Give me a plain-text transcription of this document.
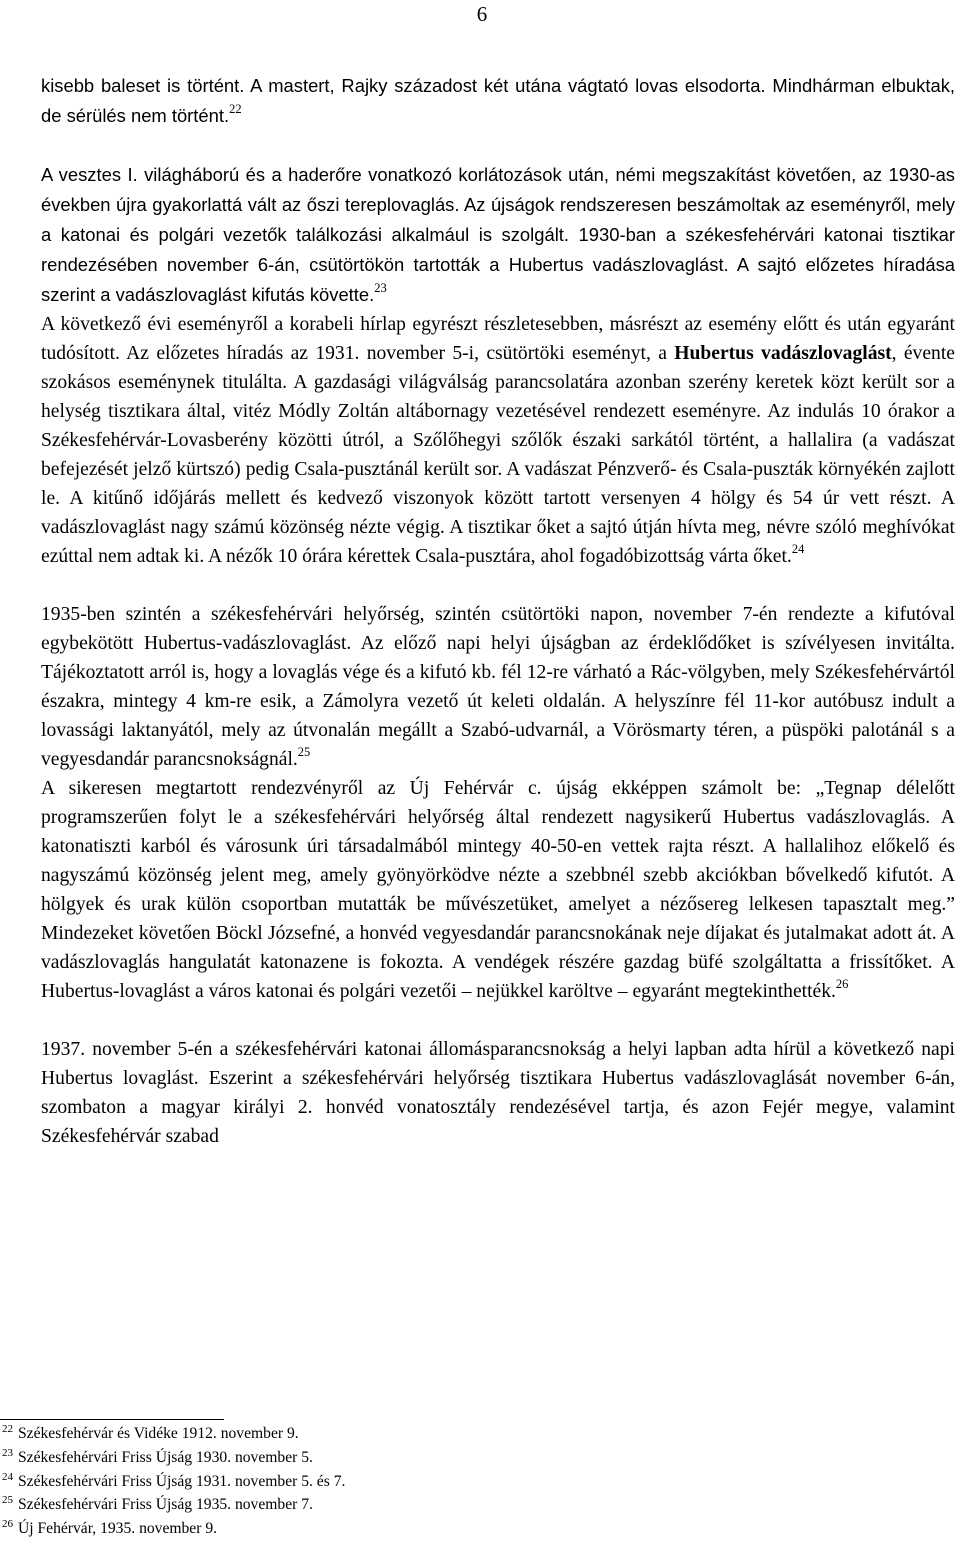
6

kisebb baleset is történt. A mastert, Rajky századost két utána vágtató lovas elsodorta. Mindhárman elbuktak, de sérülés nem történt.$^{22}$

A vesztes I. világháború és a haderőre vonatkozó korlátozások után, némi megszakítást követően, az 1930-as években újra gyakorlattá vált az őszi tereplovaglás. Az újságok rendszeresen beszámoltak az eseményről, mely a katonai és polgári vezetők találkozási alkalmául is szolgált. 1930-ban a székesfehérvári katonai tisztikar rendezésében november 6-án, csütörtökön tartották a Hubertus vadászlovaglást. A sajtó előzetes híradása szerint a vadászlovaglást kifutás követte.$^{23}$

A következő évi eseményről a korabeli hírlap egyrészt részletesebben, másrészt az esemény előtt és után egyaránt tudósított. Az előzetes híradás az 1931. november 5-i, csütörtöki eseményt, a Hubertus vadászlovaglást, évente szokásos eseménynek titulálta. A gazdasági világválság parancsolatára azonban szerény keretek közt került sor a helység tisztikara által, vitéz Módly Zoltán altábornagy vezetésével rendezett eseményre. Az indulás 10 órakor a Székesfehérvár-Lovasberény közötti útról, a Szőlőhegyi szőlők északi sarkától történt, a hallalira (a vadászat befejezését jelző kürtszó) pedig Csala-pusztánál került sor. A vadászat Pénzverő- és Csala-puszták környékén zajlott le. A kitűnő időjárás mellett és kedvező viszonyok között tartott versenyen 4 hölgy és 54 úr vett részt. A vadászlovaglást nagy számú közönség nézte végig. A tisztikar őket a sajtó útján hívta meg, névre szóló meghívókat ezúttal nem adtak ki. A nézők 10 órára kérettek Csala-pusztára, ahol fogadóbizottság várta őket.$^{24}$

1935-ben szintén a székesfehérvári helyőrség, szintén csütörtöki napon, november 7-én rendezte a kifutóval egybekötött Hubertus-vadászlovaglást. Az előző napi helyi újságban az érdeklődőket is szívélyesen invitálta. Tájékoztatott arról is, hogy a lovaglás vége és a kifutó kb. fél 12-re várható a Rác-völgyben, mely Székesfehérvártól északra, mintegy 4 km-re esik, a Zámolyra vezető út keleti oldalán. A helyszínre fél 11-kor autóbusz indult a lovassági laktanyától, mely az útvonalán megállt a Szabó-udvarnál, a Vörösmarty téren, a püspöki palotánál s a vegyesdandár parancsnokságnál.$^{25}$

A sikeresen megtartott rendezvényről az Új Fehérvár c. újság ekképpen számolt be: „Tegnap délelőtt programszerűen folyt le a székesfehérvári helyőrség által rendezett nagysikerű Hubertus vadászlovaglás. A katonatiszti karból és városunk úri társadalmából mintegy 40-50-en vettek rajta részt. A hallalihoz előkelő és nagyszámú közönség jelent meg, amely gyönyörködve nézte a szebbnél szebb akciókban bővelkedő kifutót. A hölgyek és urak külön csoportban mutatták be művészetüket, amelyet a nézősereg lelkesen tapasztalt meg.” Mindezeket követően Böckl Józsefné, a honvéd vegyesdandár parancsnokának neje díjakat és jutalmakat adott át. A vadászlovaglás hangulatát katonazene is fokozta. A vendégek részére gazdag büfé szolgáltatta a frissítőket. A Hubertus-lovaglást a város katonai és polgári vezetői – nejükkel karöltve – egyaránt megtekinthették.$^{26}$

1937. november 5-én a székesfehérvári katonai állomásparancsnokság a helyi lapban adta hírül a következő napi Hubertus lovaglást. Eszerint a székesfehérvári helyőrség tisztikara Hubertus vadászlovaglását november 6-án, szombaton a magyar királyi 2. honvéd vonatosztály rendezésével tartja, és azon Fejér megye, valamint Székesfehérvár szabad

$^{22}$ Székesfehérvár és Vidéke 1912. november 9.
$^{23}$ Székesfehérvári Friss Újság 1930. november 5.
$^{24}$ Székesfehérvári Friss Újság 1931. november 5. és 7.
$^{25}$ Székesfehérvári Friss Újság 1935. november 7.
$^{26}$ Új Fehérvár, 1935. november 9.
